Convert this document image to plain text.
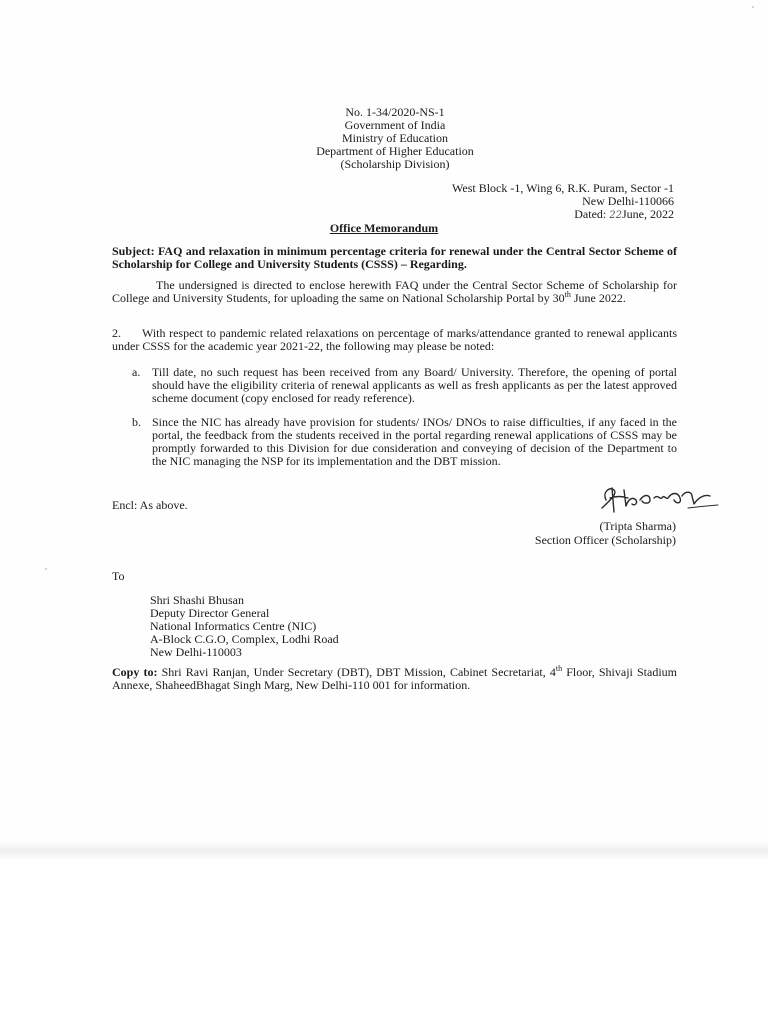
No. 1-34/2020-NS-1
Government of India
Ministry of Education
Department of Higher Education
(Scholarship Division)
West Block -1, Wing 6, R.K. Puram, Sector -1
New Delhi-110066
Dated: 22June, 2022
Office Memorandum
Subject: FAQ and relaxation in minimum percentage criteria for renewal under the Central Sector Scheme of Scholarship for College and University Students (CSSS) – Regarding.
The undersigned is directed to enclose herewith FAQ under the Central Sector Scheme of Scholarship for College and University Students, for uploading the same on National Scholarship Portal by 30th June 2022.
2. With respect to pandemic related relaxations on percentage of marks/attendance granted to renewal applicants under CSSS for the academic year 2021-22, the following may please be noted:
a. Till date, no such request has been received from any Board/ University. Therefore, the opening of portal should have the eligibility criteria of renewal applicants as well as fresh applicants as per the latest approved scheme document (copy enclosed for ready reference).
b. Since the NIC has already have provision for students/ INOs/ DNOs to raise difficulties, if any faced in the portal, the feedback from the students received in the portal regarding renewal applications of CSSS may be promptly forwarded to this Division for due consideration and conveying of decision of the Department to the NIC managing the NSP for its implementation and the DBT mission.
Encl: As above.
(Tripta Sharma)
Section Officer (Scholarship)
To
Shri Shashi Bhusan
Deputy Director General
National Informatics Centre (NIC)
A-Block C.G.O, Complex, Lodhi Road
New Delhi-110003
Copy to: Shri Ravi Ranjan, Under Secretary (DBT), DBT Mission, Cabinet Secretariat, 4th Floor, Shivaji Stadium Annexe, ShaheedBhagat Singh Marg, New Delhi-110 001 for information.
